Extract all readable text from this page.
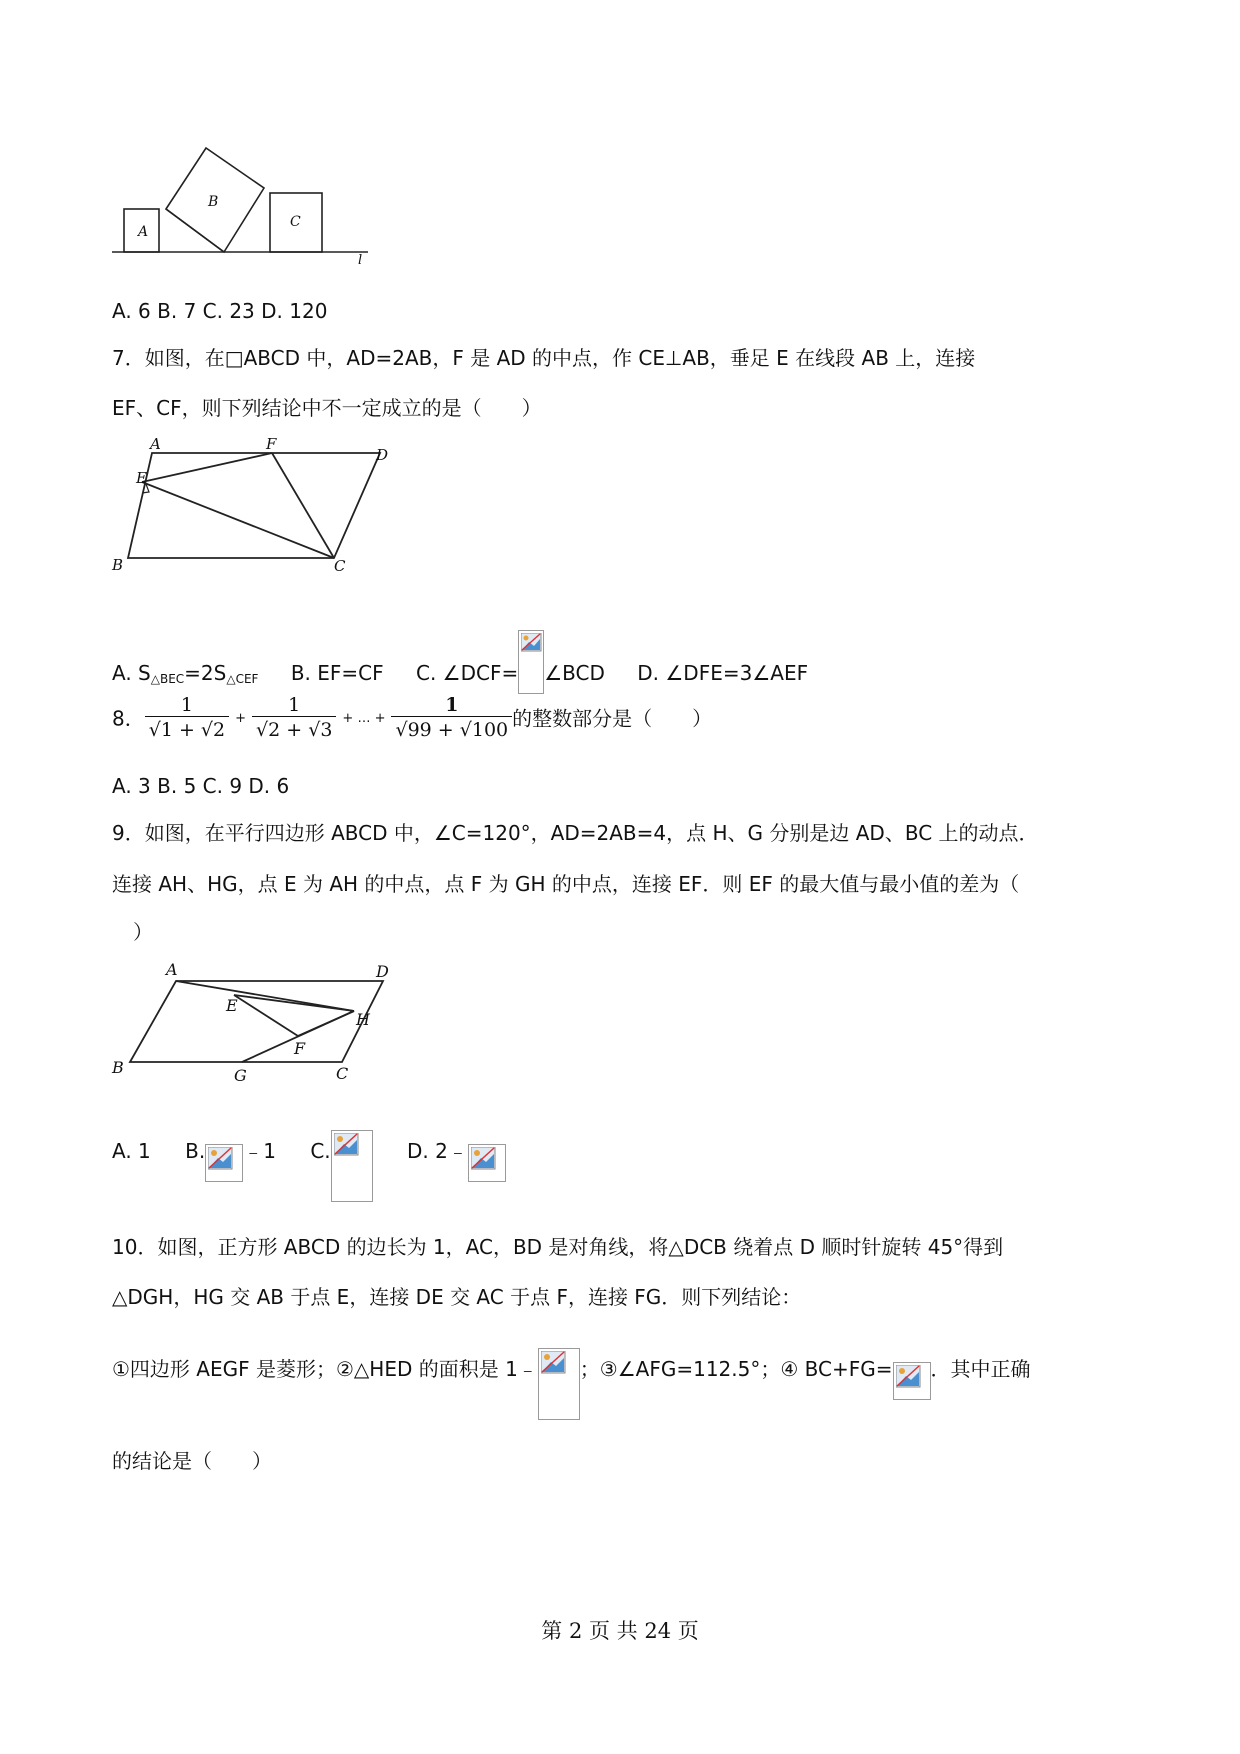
A
B
C
l
A. 6 B. 7 C. 23 D. 120
7．如图，在□ABCD 中，AD=2AB，F 是 AD 的中点，作 CE⊥AB，垂足 E 在线段 AB 上，连接
EF、CF，则下列结论中不一定成立的是（　　）
A	F
D
E
B	C
A. $S_{\triangle BEC}=2S_{\triangle CEF}$ B. EF=CF C. ∠DCF= ∠BCD D. ∠DFE=3∠AEF
8． $\frac{1}{√1 + √2} + \frac{1}{√2 + √3}$ + … + $\frac{1}{√99 + √100}$ 的整数部分是（　　）
A. 3 B. 5 C. 9 D. 6
9．如图，在平行四边形 ABCD 中，∠C=120°，AD=2AB=4，点 H、G 分别是边 AD、BC 上的动点．
连接 AH、HG，点 E 为 AH 的中点，点 F 为 GH 的中点，连接 EF．则 EF 的最大值与最小值的差为（
）
A	D
E
H
F
B	G	C
A. 1 B. ﹣1 C.	D. 2﹣
10．如图，正方形 ABCD 的边长为 1，AC，BD 是对角线，将△DCB 绕着点 D 顺时针旋转 45°得到
△DGH，HG 交 AB 于点 E，连接 DE 交 AC 于点 F，连接 FG．则下列结论：
①四边形 AEGF 是菱形；②△HED 的面积是 1﹣ ；③∠AFG=112.5°；④ BC+FG= ．其中正确
的结论是（　　）
第 2 页 共 24 页
